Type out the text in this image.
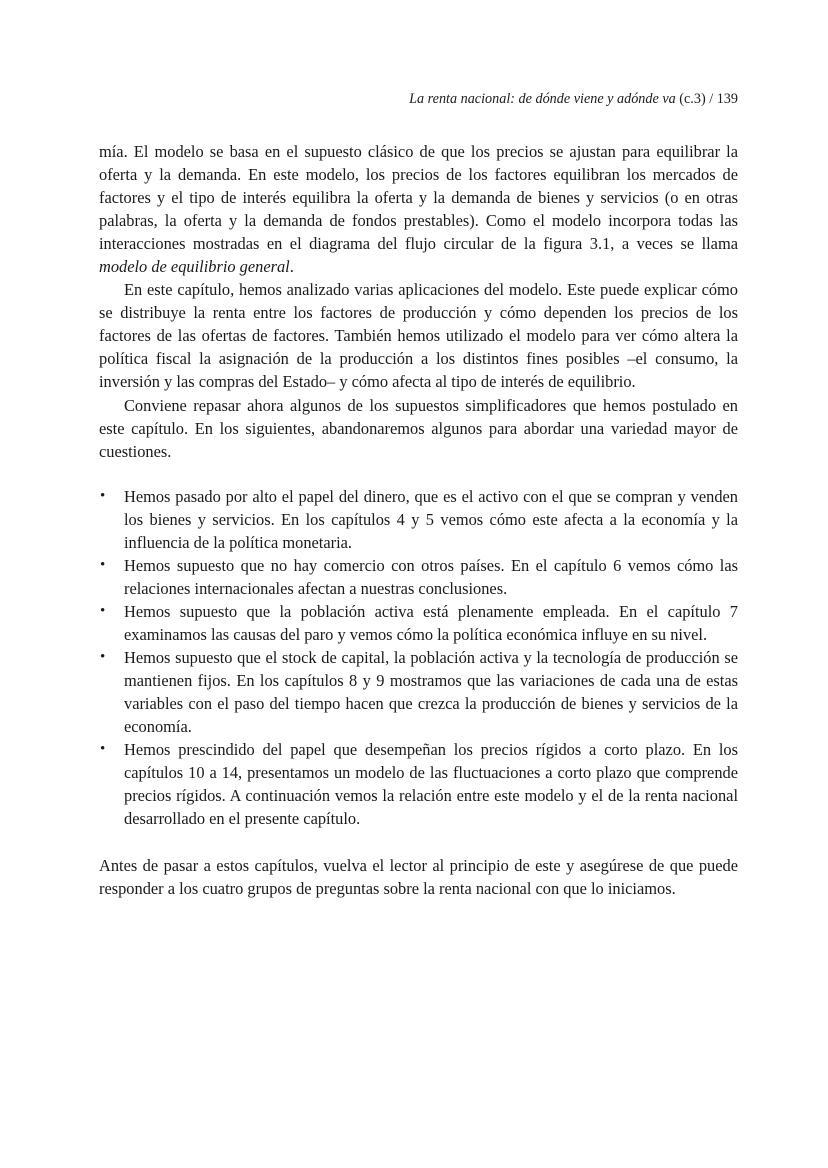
La renta nacional: de dónde viene y adónde va (c.3) / 139

mía. El modelo se basa en el supuesto clásico de que los precios se ajustan para equilibrar la oferta y la demanda. En este modelo, los precios de los factores equilibran los mercados de factores y el tipo de interés equilibra la oferta y la demanda de bienes y servicios (o en otras palabras, la oferta y la demanda de fondos prestables). Como el modelo incorpora todas las interacciones mostradas en el diagrama del flujo circular de la figura 3.1, a veces se llama modelo de equilibrio general.

En este capítulo, hemos analizado varias aplicaciones del modelo. Este puede explicar cómo se distribuye la renta entre los factores de producción y cómo dependen los precios de los factores de las ofertas de factores. También hemos utilizado el modelo para ver cómo altera la política fiscal la asignación de la producción a los distintos fines posibles –el consumo, la inversión y las compras del Estado– y cómo afecta al tipo de interés de equilibrio.

Conviene repasar ahora algunos de los supuestos simplificadores que hemos postulado en este capítulo. En los siguientes, abandonaremos algunos para abordar una variedad mayor de cuestiones.

•	Hemos pasado por alto el papel del dinero, que es el activo con el que se compran y venden los bienes y servicios. En los capítulos 4 y 5 vemos cómo este afecta a la economía y la influencia de la política monetaria.
•	Hemos supuesto que no hay comercio con otros países. En el capítulo 6 vemos cómo las relaciones internacionales afectan a nuestras conclusiones.
•	Hemos supuesto que la población activa está plenamente empleada. En el capítulo 7 examinamos las causas del paro y vemos cómo la política económica influye en su nivel.
•	Hemos supuesto que el stock de capital, la población activa y la tecnología de producción se mantienen fijos. En los capítulos 8 y 9 mostramos que las variaciones de cada una de estas variables con el paso del tiempo hacen que crezca la producción de bienes y servicios de la economía.
•	Hemos prescindido del papel que desempeñan los precios rígidos a corto plazo. En los capítulos 10 a 14, presentamos un modelo de las fluctuaciones a corto plazo que comprende precios rígidos. A continuación vemos la relación entre este modelo y el de la renta nacional desarrollado en el presente capítulo.

Antes de pasar a estos capítulos, vuelva el lector al principio de este y asegúrese de que puede responder a los cuatro grupos de preguntas sobre la renta nacional con que lo iniciamos.
